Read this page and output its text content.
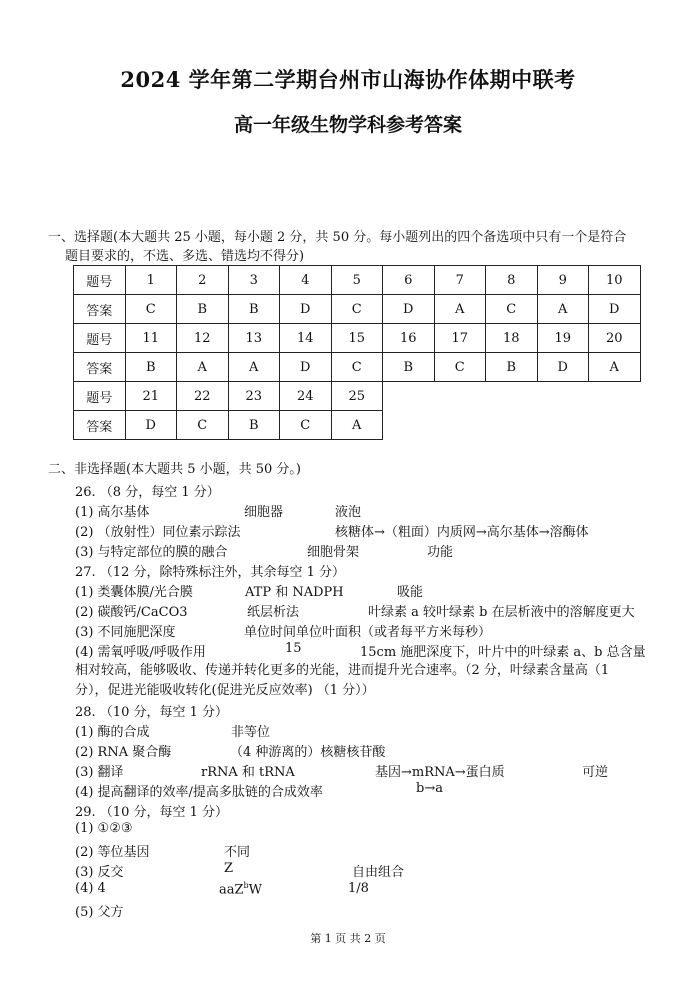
2024 学年第二学期台州市山海协作体期中联考
高一年级生物学科参考答案
一、选择题(本大题共 25 小题，每小题 2 分，共 50 分。每小题列出的四个备选项中只有一个是符合
题目要求的，不选、多选、错选均不得分)
题号	1	2	3	4	5	6	7	8	9	10
答案	C	B	B	D	C	D	A	C	A	D
题号	11	12	13	14	15	16	17	18	19	20
答案	B	A	A	D	C	B	C	B	D	A
题号	21	22	23	24	25					
答案	D	C	B	C	A					
二、非选择题(本大题共 5 小题，共 50 分。)
26. （8 分，每空 1 分）
(1) 高尔基体	细胞器	液泡
(2) （放射性）同位素示踪法	核糖体→（粗面）内质网→高尔基体→溶酶体
(3) 与特定部位的膜的融合	细胞骨架	功能
27. （12 分，除特殊标注外，其余每空 1 分）
(1) 类囊体膜/光合膜	ATP 和 NADPH	吸能
(2) 碳酸钙/CaCO3	纸层析法	叶绿素 a 较叶绿素 b 在层析液中的溶解度更大
(3) 不同施肥深度	单位时间单位叶面积（或者每平方米每秒）
(4) 需氧呼吸/呼吸作用	15	15cm 施肥深度下，叶片中的叶绿素 a、b 总含量
相对较高，能够吸收、传递并转化更多的光能，进而提升光合速率。（2 分，叶绿素含量高（1
分），促进光能吸收转化(促进光反应效率) （1 分））
28. （10 分，每空 1 分）
(1) 酶的合成	非等位
(2) RNA 聚合酶	（4 种游离的）核糖核苷酸
(3) 翻译	rRNA 和 tRNA	基因→mRNA→蛋白质	可逆
(4) 提高翻译的效率/提高多肽链的合成效率	b→a
29. （10 分，每空 1 分）
(1) ①②③
(2) 等位基因	不同
(3) 反交	Z	自由组合
(4) 4	aaZ$^b$W	1/8
(5) 父方
第 1 页 共 2 页
